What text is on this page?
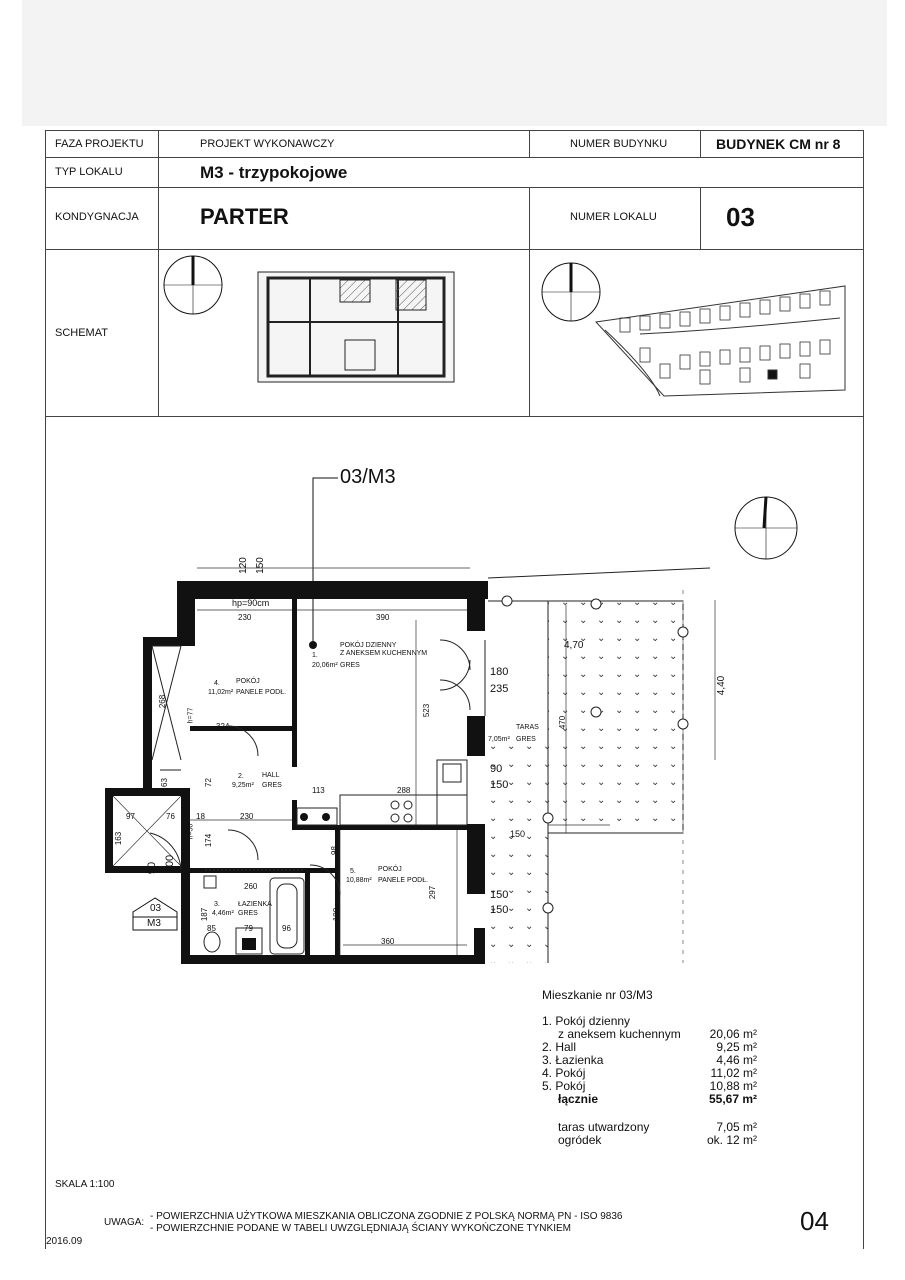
FAZA PROJEKTU	PROJEKT WYKONAWCZY	NUMER BUDYNKU	BUDYNEK CM nr 8
TYP LOKALU	M3 - trzypokojowe
KONDYGNACJA	PARTER	NUMER LOKALU	03
SCHEMAT
hp=90cm
03/M3
03
M3
1.
POKÓJ DZIENNY
Z ANEKSEM KUCHENNYM
20,06m² GRES
2.	HALL
9,25m² GRES
3.	ŁAZIENKA
4,46m² GRES
4. POKÓJ
11,02m² PANELE PODŁ.
5.	POKÓJ
10,88m² PANELE PODŁ.
TARAS
7,05m² GRES
120 150
230	390
268
h=77
324
523
72
63
113	288
97	76	18	230
163	h=50
174
90 200
98
260
187
85	79	96
198
297
360
180
235
90
150
150
150
150
470
4,70
4,40
Mieszkanie nr 03/M3
1. Pokój dzienny
z aneksem kuchennym 20,06 m²
2. Hall	9,25 m²
3. Łazienka	4,46 m²
4. Pokój	11,02 m²
5. Pokój	10,88 m²
łącznie	55,67 m²
taras utwardzony	7,05 m²
ogródek	ok. 12 m²
SKALA 1:100
UWAGA:
- POWIERZCHNIA UŻYTKOWA MIESZKANIA OBLICZONA ZGODNIE Z POLSKĄ NORMĄ PN - ISO 9836
- POWIERZCHNIE PODANE W TABELI UWZGLĘDNIAJĄ ŚCIANY WYKOŃCZONE TYNKIEM
2016.09
04
